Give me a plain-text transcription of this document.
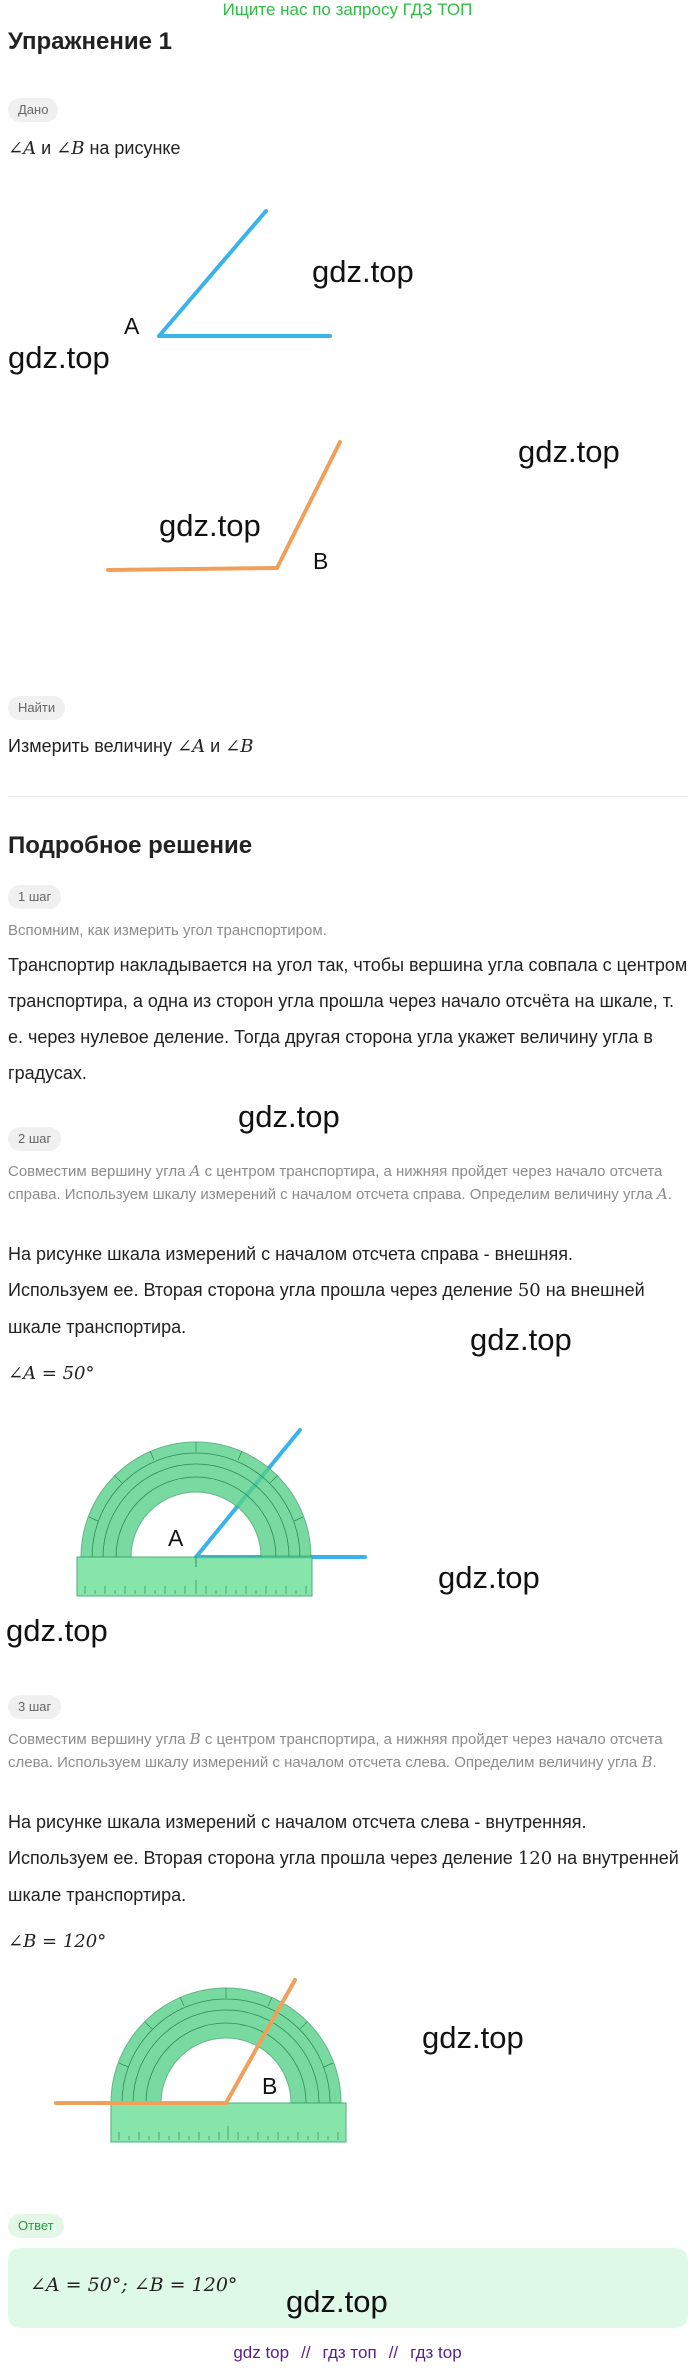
Ищите нас по запросу ГДЗ ТОП
Упражнение 1
Дано
∠A и ∠B на рисунке
A
gdz.top
gdz.top
B
gdz.top
gdz.top
Найти
Измерить величину ∠A и ∠B
Подробное решение
1 шаг
Вспомним, как измерить угол транспортиром.
Транспортир накладывается на угол так, чтобы вершина угла совпала с центром транспортира, а одна из сторон угла прошла через начало отсчёта на шкале, т. е. через нулевое деление. Тогда другая сторона угла укажет величину угла в градусах.
gdz.top
2 шаг
Совместим вершину угла A с центром транспортира, а нижняя пройдет через начало отсчета справа. Используем шкалу измерений с началом отсчета справа. Определим величину угла A.
На рисунке шкала измерений с началом отсчета справа - внешняя.
Используем ее. Вторая сторона угла прошла через деление 50 на внешней шкале транспортира.	gdz.top
∠A = 50°
A
gdz.top
gdz.top
3 шаг
Совместим вершину угла B с центром транспортира, а нижняя пройдет через начало отсчета слева. Используем шкалу измерений с началом отсчета слева. Определим величину угла B.
На рисунке шкала измерений с началом отсчета слева - внутренняя.
Используем ее. Вторая сторона угла прошла через деление 120 на внутренней шкале транспортира.
∠B = 120°
B
gdz.top
Ответ
∠A = 50°; ∠B = 120° gdz.top
gdz top // гдз топ // гдз top
